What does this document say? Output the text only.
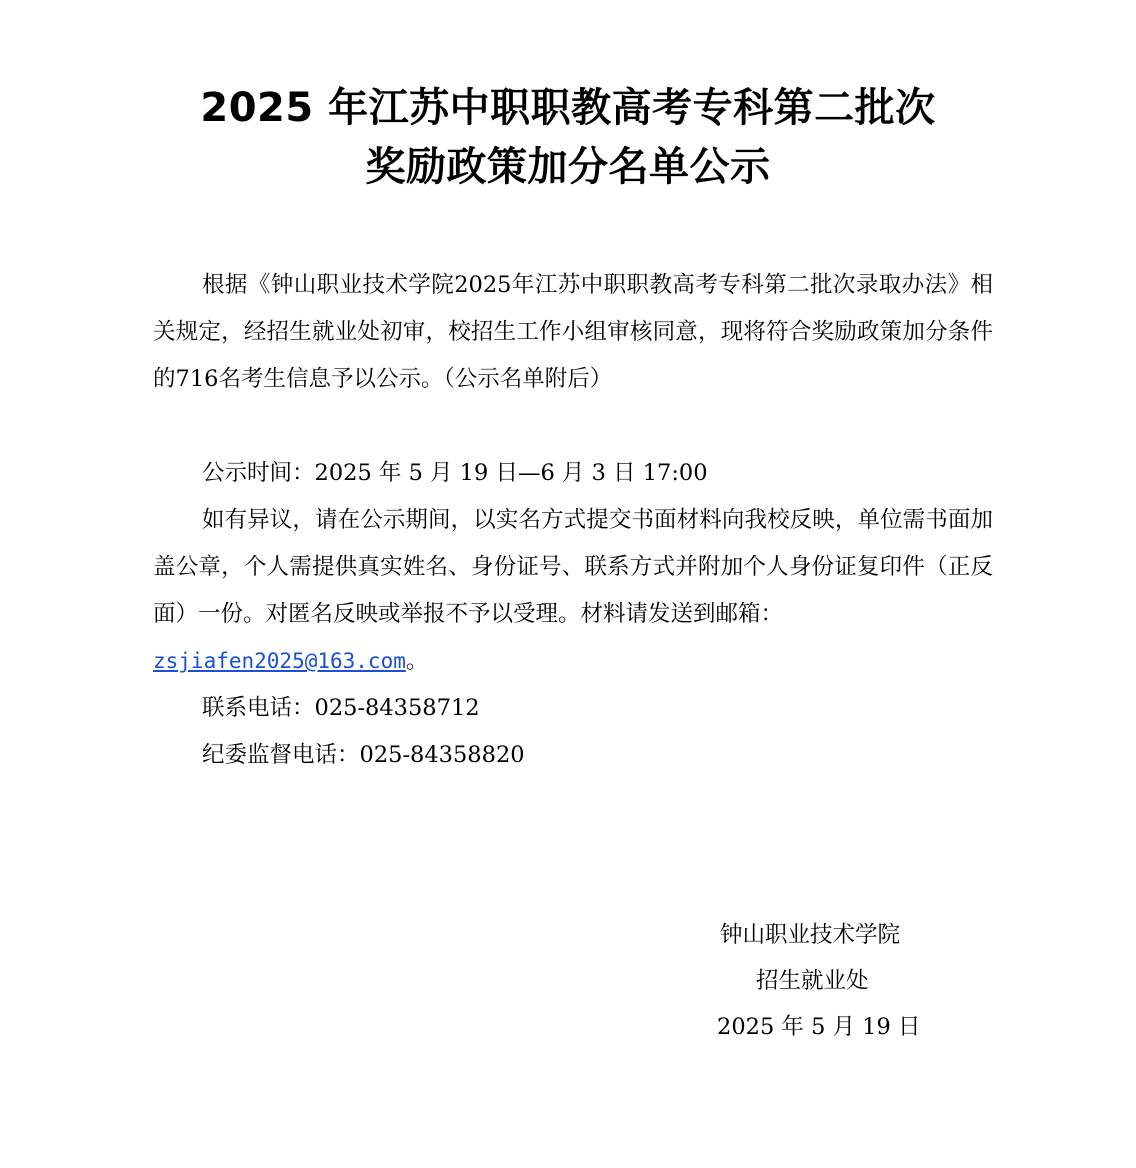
2025 年江苏中职职教高考专科第二批次
奖励政策加分名单公示
根据《钟山职业技术学院2025年江苏中职职教高考专科第二批次录取办法》相关规定，经招生就业处初审，校招生工作小组审核同意，现将符合奖励政策加分条件的716名考生信息予以公示。（公示名单附后）
公示时间：2025 年 5 月 19 日—6 月 3 日 17:00
如有异议，请在公示期间，以实名方式提交书面材料向我校反映，单位需书面加盖公章，个人需提供真实姓名、身份证号、联系方式并附加个人身份证复印件（正反面）一份。对匿名反映或举报不予以受理。材料请发送到邮箱：
zsjiafen2025@163.com。
联系电话：025-84358712
纪委监督电话：025-84358820
钟山职业技术学院
招生就业处
2025 年 5 月 19 日
